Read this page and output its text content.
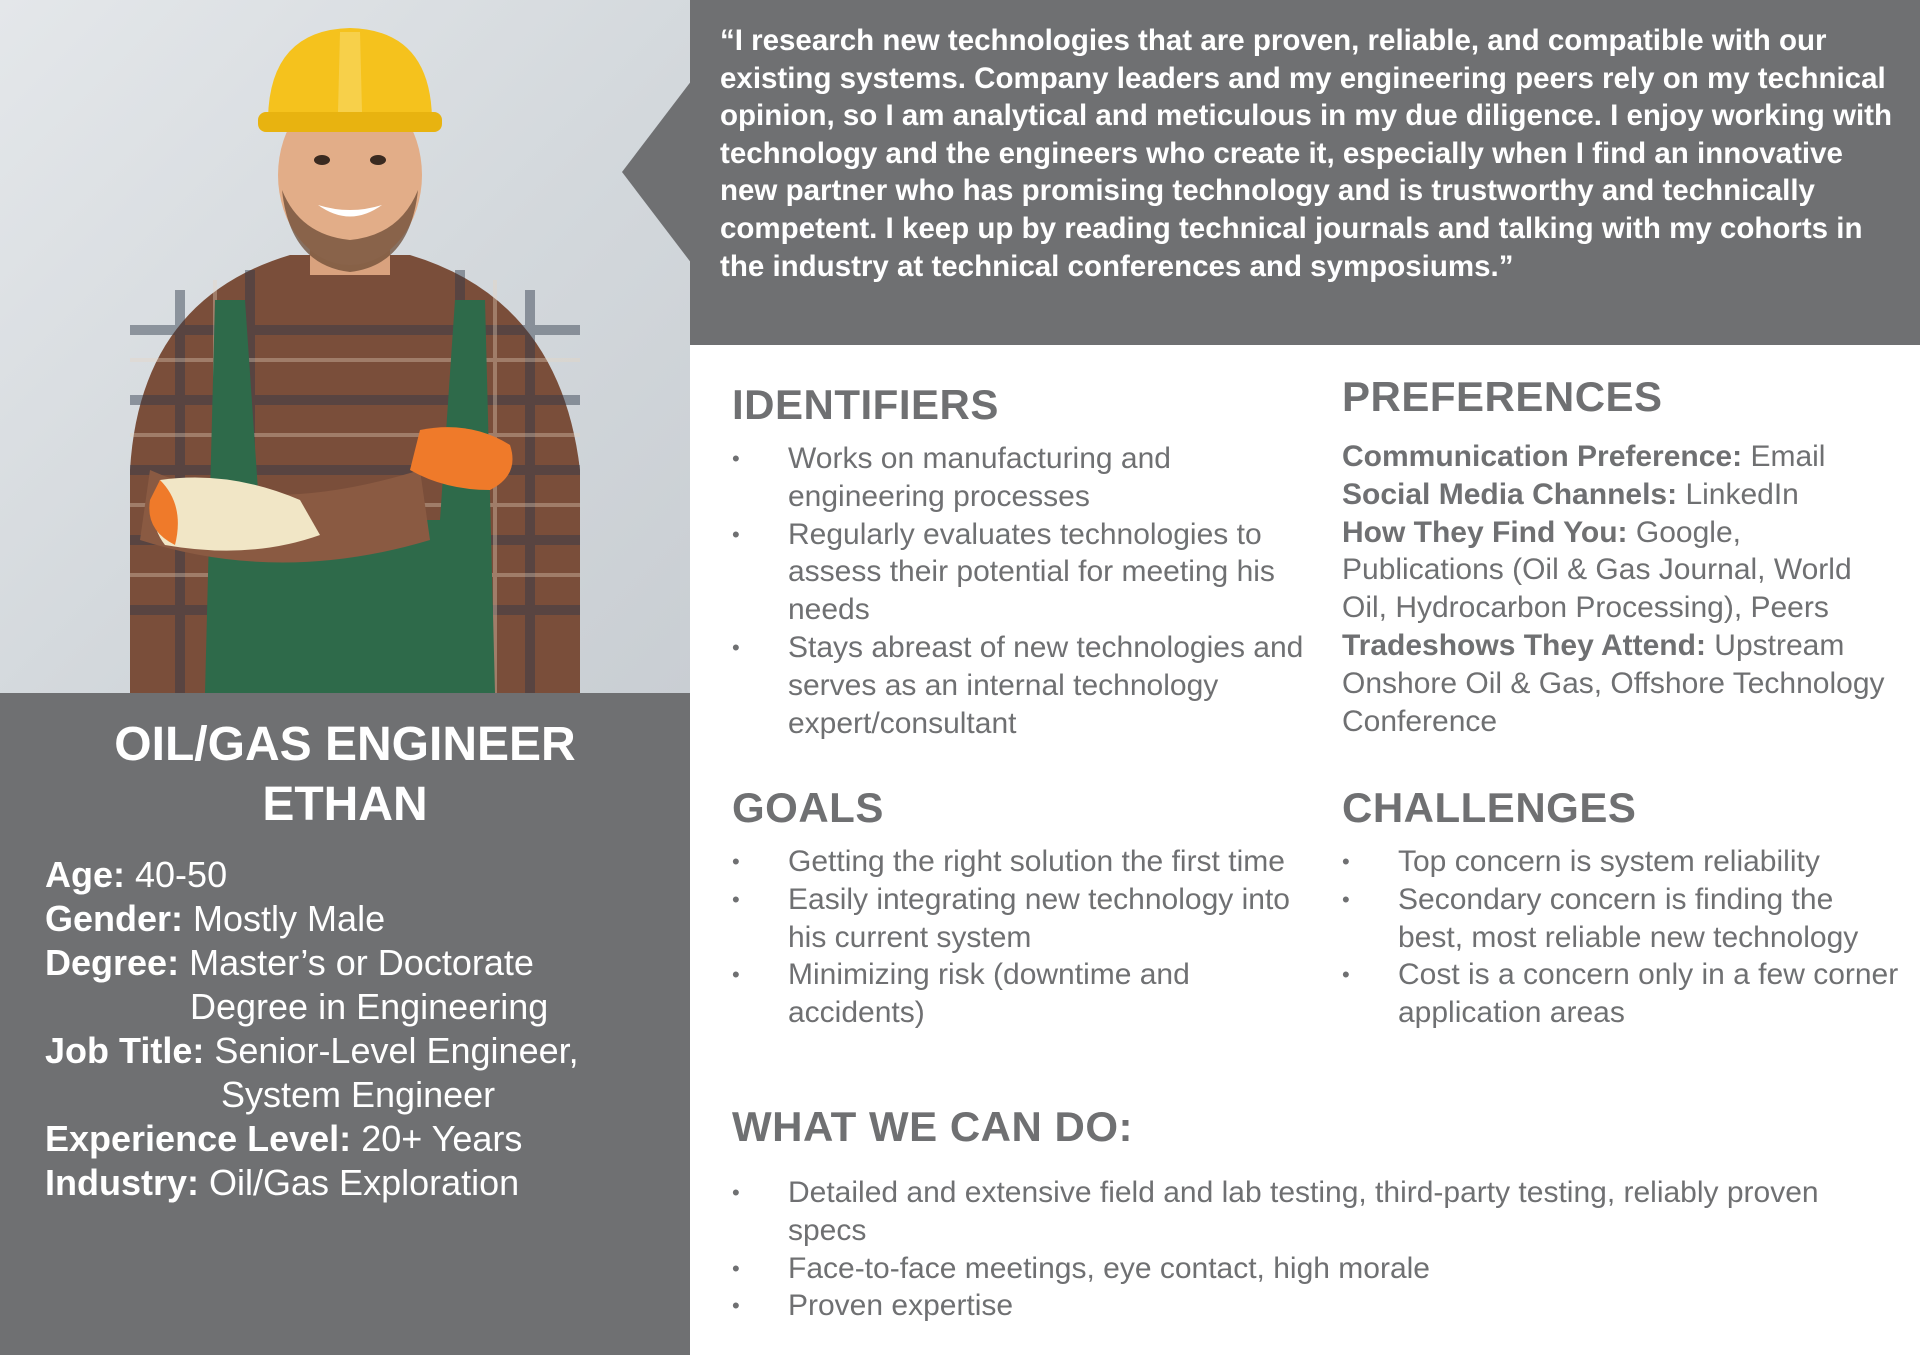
OIL/GAS ENGINEER
ETHAN
Age: 40-50
Gender: Mostly Male
Degree: Master’s or Doctorate
Degree in Engineering
Job Title: Senior-Level Engineer,
System Engineer
Experience Level: 20+ Years
Industry: Oil/Gas Exploration
“I research new technologies that are proven, reliable, and compatible with our existing systems. Company leaders and my engineering peers rely on my technical opinion, so I am analytical and meticulous in my due diligence. I enjoy working with technology and the engineers who create it, especially when I find an innovative new partner who has promising technology and is trustworthy and technically competent. I keep up by reading technical journals and talking with my cohorts in the industry at technical conferences and symposiums.”
IDENTIFIERS
• Works on manufacturing and engineering processes
• Regularly evaluates technologies to assess their potential for meeting his needs
• Stays abreast of new technologies and serves as an internal technology expert/consultant
PREFERENCES
Communication Preference: Email
Social Media Channels: LinkedIn
How They Find You: Google, Publications (Oil & Gas Journal, World Oil, Hydrocarbon Processing), Peers
Tradeshows They Attend: Upstream Onshore Oil & Gas, Offshore Technology Conference
GOALS
• Getting the right solution the first time
• Easily integrating new technology into his current system
• Minimizing risk (downtime and accidents)
CHALLENGES
• Top concern is system reliability
• Secondary concern is finding the best, most reliable new technology
• Cost is a concern only in a few corner application areas
WHAT WE CAN DO:
• Detailed and extensive field and lab testing, third-party testing, reliably proven specs
• Face-to-face meetings, eye contact, high morale
• Proven expertise
